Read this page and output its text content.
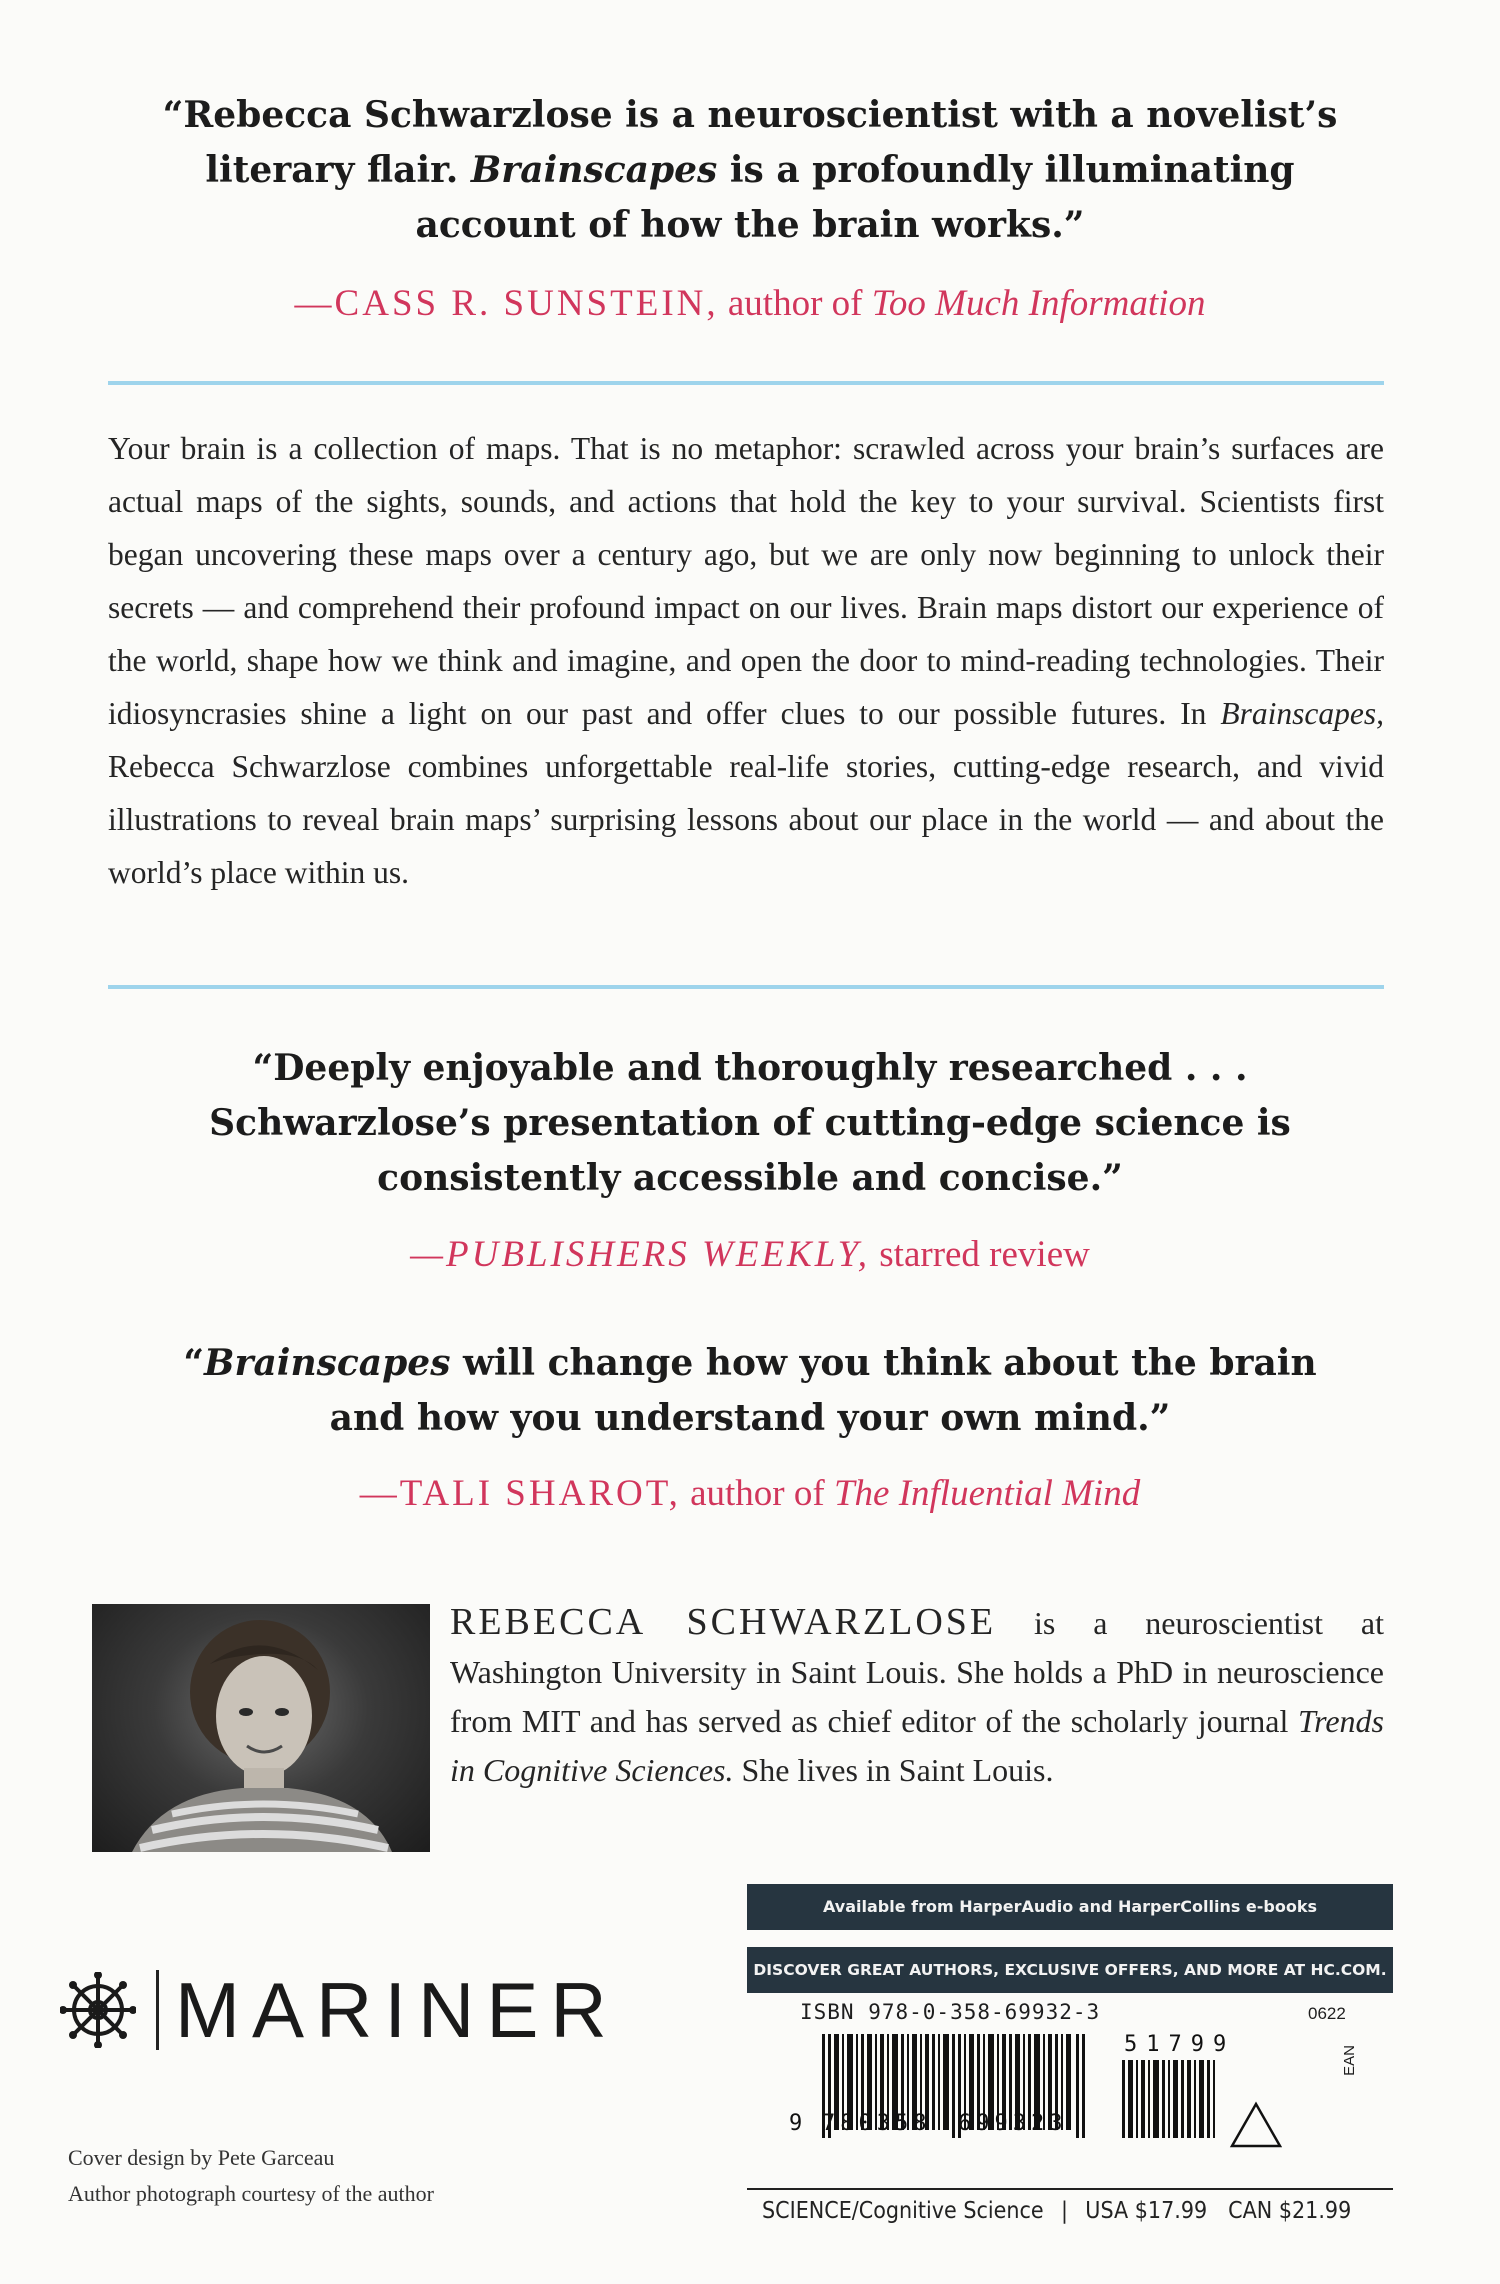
“Rebecca Schwarzlose is a neuroscientist with a novelist’s
literary flair. Brainscapes is a profoundly illuminating
account of how the brain works.”
—CASS R. SUNSTEIN, author of Too Much Information
Your brain is a collection of maps. That is no metaphor: scrawled across your brain’s surfaces are actual maps of the sights, sounds, and actions that hold the key to your survival. Scientists first began uncovering these maps over a century ago, but we are only now beginning to unlock their secrets — and comprehend their profound impact on our lives. Brain maps distort our experience of the world, shape how we think and imagine, and open the door to mind-reading technologies. Their idiosyncrasies shine a light on our past and offer clues to our possible futures. In Brainscapes, Rebecca Schwarzlose combines unforgettable real-life stories, cutting-edge research, and vivid illustrations to reveal brain maps’ surprising lessons about our place in the world — and about the world’s place within us.
“Deeply enjoyable and thoroughly researched . . .
Schwarzlose’s presentation of cutting-edge science is
consistently accessible and concise.”
—PUBLISHERS WEEKLY, starred review
“Brainscapes will change how you think about the brain
and how you understand your own mind.”
—TALI SHAROT, author of The Influential Mind
REBECCA SCHWARZLOSE is a neuroscientist at Washington University in Saint Louis. She holds a PhD in neuroscience from MIT and has served as chief editor of the scholarly journal Trends in Cognitive Sciences. She lives in Saint Louis.
MARINER
Cover design by Pete Garceau
Author photograph courtesy of the author
Available from HarperAudio and HarperCollins e-books
DISCOVER GREAT AUTHORS, EXCLUSIVE OFFERS, AND MORE AT HC.COM.
ISBN 978-0-358-69932-3	0622
9 780358 699323
51799
EAN
SCIENCE/Cognitive Science | USA $17.99 CAN $21.99
